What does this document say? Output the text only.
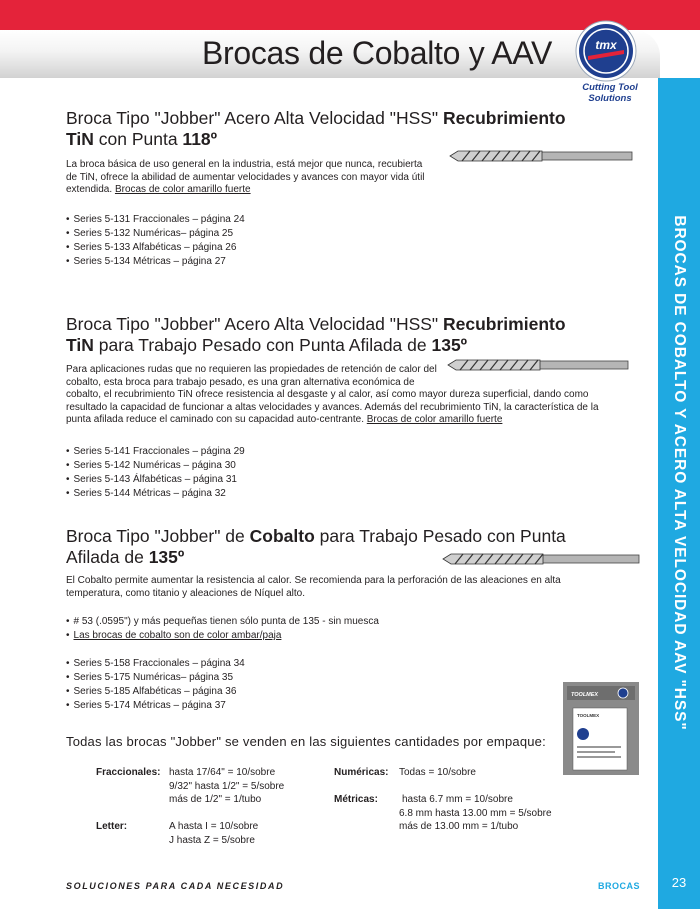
Brocas de Cobalto y AAV	tmx
Cutting Tool
Solutions
BROCAS DE COBALTO Y ACERO ALTA VELOCIDAD AAV "HSS"
23
Broca Tipo "Jobber" Acero Alta Velocidad "HSS" Recubrimiento
TiN con Punta 118º
La broca básica de uso general en la industria, está mejor que nunca, recubierta
de TiN, ofrece la abilidad de aumentar velocidades y avances con mayor vida útil
extendida. Brocas de color amarillo fuerte
• Series 5-131 Fraccionales – página 24
• Series 5-132 Numéricas– página 25
• Series 5-133 Alfabéticas – página 26
• Series 5-134 Métricas – página 27
Broca Tipo "Jobber" Acero Alta Velocidad "HSS" Recubrimiento
TiN para Trabajo Pesado con Punta Afilada de 135º
Para aplicaciones rudas que no requieren las propiedades de retención de calor del
cobalto, esta broca para trabajo pesado, es una gran alternativa económica de
cobalto, el recubrimiento TiN ofrece resistencia al desgaste y al calor, así como mayor dureza superficial, dando como
resultado la capacidad de funcionar a altas velocidades y avances. Además del recubrimiento TiN, la característica de la
punta afilada reduce el caminado con su capacidad auto-centrante. Brocas de color amarillo fuerte
• Series 5-141 Fraccionales – página 29
• Series 5-142 Numéricas – página 30
• Series 5-143 Álfabéticas – página 31
• Series 5-144 Métricas – página 32
Broca Tipo "Jobber" de Cobalto para Trabajo Pesado con Punta
Afilada de 135º
El Cobalto permite aumentar la resistencia al calor. Se recomienda para la perforación de las aleaciones en alta
temperatura, como titanio y aleaciones de Níquel alto.
• # 53 (.0595") y más pequeñas tienen sólo punta de 135 - sin muesca
• Las brocas de cobalto son de color ambar/paja
• Series 5-158 Fraccionales – página 34
• Series 5-175 Numéricas– página 35
• Series 5-185 Alfabéticas – página 36
• Series 5-174 Métricas – página 37
TOOLMEX
TOOLMEX
Todas las brocas "Jobber" se venden en las siguientes cantidades por empaque:
Fraccionales: hasta 17/64" = 10/sobre
9/32" hasta 1/2" = 5/sobre
más de 1/2" = 1/tubo
Letter:	A hasta I = 10/sobre
J hasta Z = 5/sobre
Numéricas: Todas = 10/sobre
Métricas:	hasta 6.7 mm = 10/sobre
6.8 mm hasta 13.00 mm = 5/sobre
más de 13.00 mm = 1/tubo
SOLUCIONES PARA CADA NECESIDAD	BROCAS
